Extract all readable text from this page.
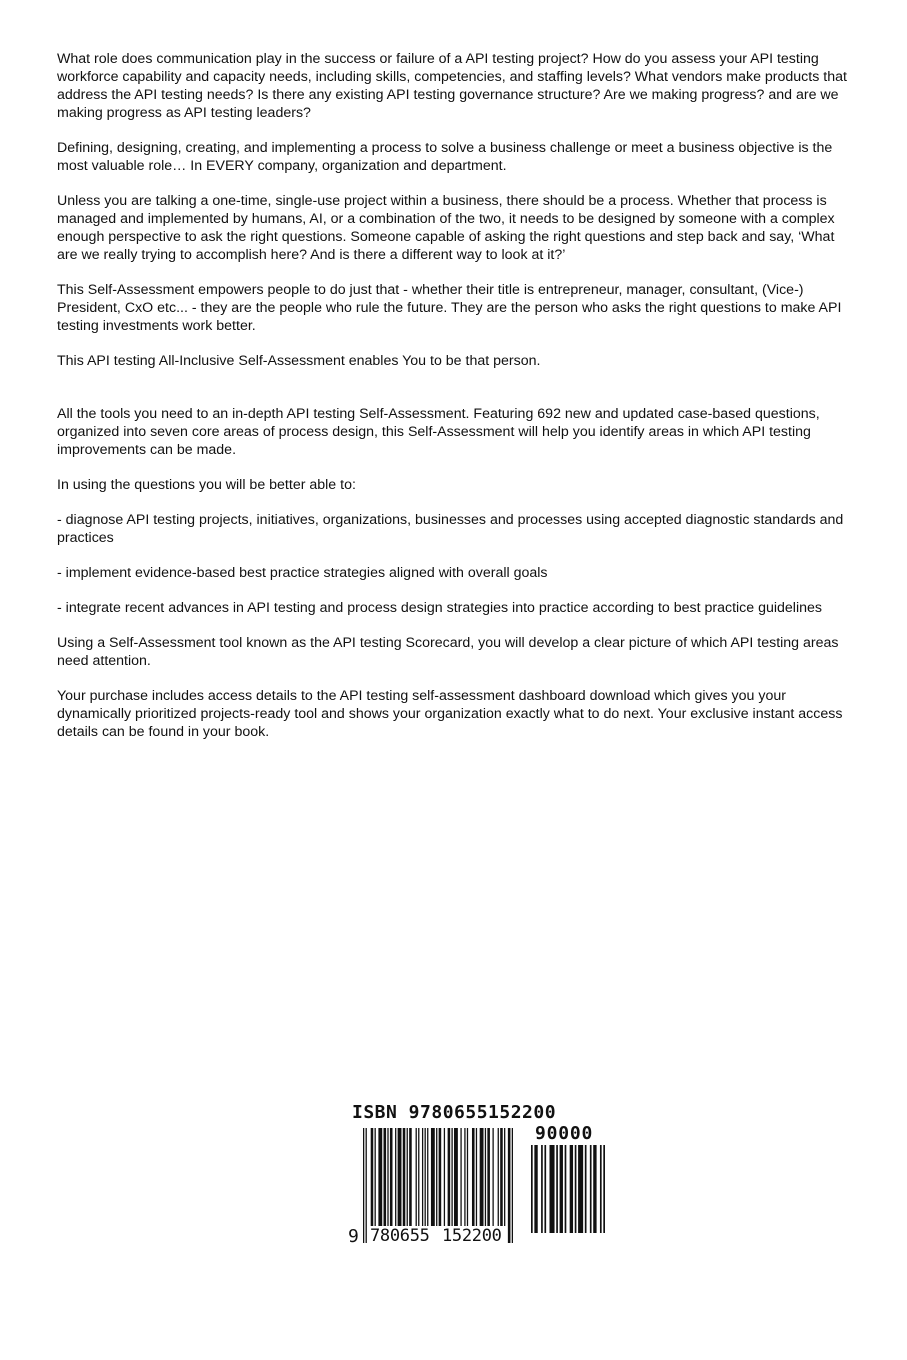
What role does communication play in the success or failure of a API testing project? How do you assess your API testing workforce capability and capacity needs, including skills, competencies, and staffing levels? What vendors make products that address the API testing needs? Is there any existing API testing governance structure? Are we making progress? and are we making progress as API testing leaders?

Defining, designing, creating, and implementing a process to solve a business challenge or meet a business objective is the most valuable role… In EVERY company, organization and department.

Unless you are talking a one-time, single-use project within a business, there should be a process. Whether that process is managed and implemented by humans, AI, or a combination of the two, it needs to be designed by someone with a complex enough perspective to ask the right questions. Someone capable of asking the right questions and step back and say, ‘What are we really trying to accomplish here? And is there a different way to look at it?’

This Self-Assessment empowers people to do just that - whether their title is entrepreneur, manager, consultant, (Vice-) President, CxO etc... - they are the people who rule the future. They are the person who asks the right questions to make API testing investments work better.

This API testing All-Inclusive Self-Assessment enables You to be that person.

All the tools you need to an in-depth API testing Self-Assessment. Featuring 692 new and updated case-based questions, organized into seven core areas of process design, this Self-Assessment will help you identify areas in which API testing improvements can be made.

In using the questions you will be better able to:

- diagnose API testing projects, initiatives, organizations, businesses and processes using accepted diagnostic standards and practices

- implement evidence-based best practice strategies aligned with overall goals

- integrate recent advances in API testing and process design strategies into practice according to best practice guidelines

Using a Self-Assessment tool known as the API testing Scorecard, you will develop a clear picture of which API testing areas need attention.

Your purchase includes access details to the API testing self-assessment dashboard download which gives you your dynamically prioritized projects-ready tool and shows your organization exactly what to do next. Your exclusive instant access details can be found in your book.

ISBN 9780655152200
90000
9 780655 152200
